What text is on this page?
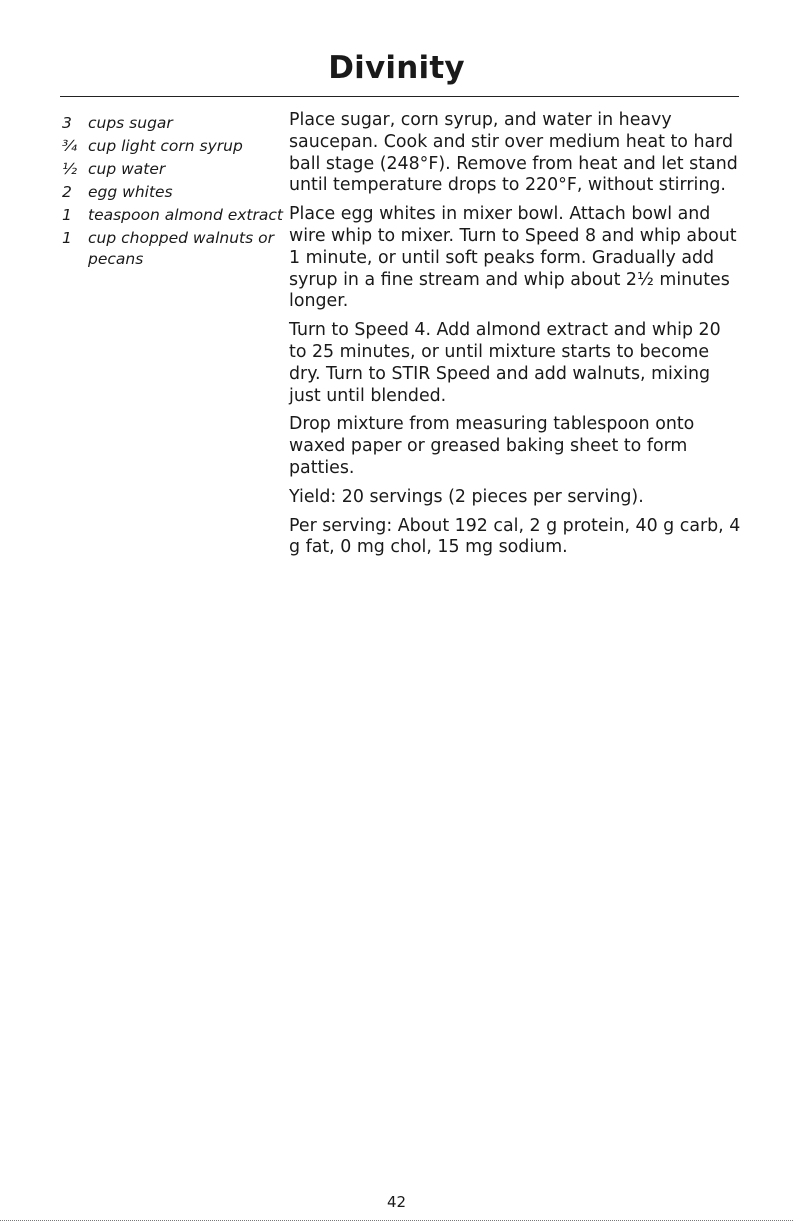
Divinity
3	cups sugar
¾ cup light corn syrup
½ cup water
2	egg whites
1	teaspoon almond extract
1	cup chopped walnuts or pecans

Place sugar, corn syrup, and water in heavy saucepan. Cook and stir over medium heat to hard ball stage (248°F). Remove from heat and let stand until temperature drops to 220°F, without stirring.

Place egg whites in mixer bowl. Attach bowl and wire whip to mixer. Turn to Speed 8 and whip about 1 minute, or until soft peaks form. Gradually add syrup in a fine stream and whip about 2½ minutes longer.

Turn to Speed 4. Add almond extract and whip 20 to 25 minutes, or until mixture starts to become dry. Turn to STIR Speed and add walnuts, mixing just until blended.

Drop mixture from measuring tablespoon onto waxed paper or greased baking sheet to form patties.

Yield: 20 servings (2 pieces per serving).

Per serving: About 192 cal, 2 g protein, 40 g carb, 4 g fat, 0 mg chol, 15 mg sodium.

42
